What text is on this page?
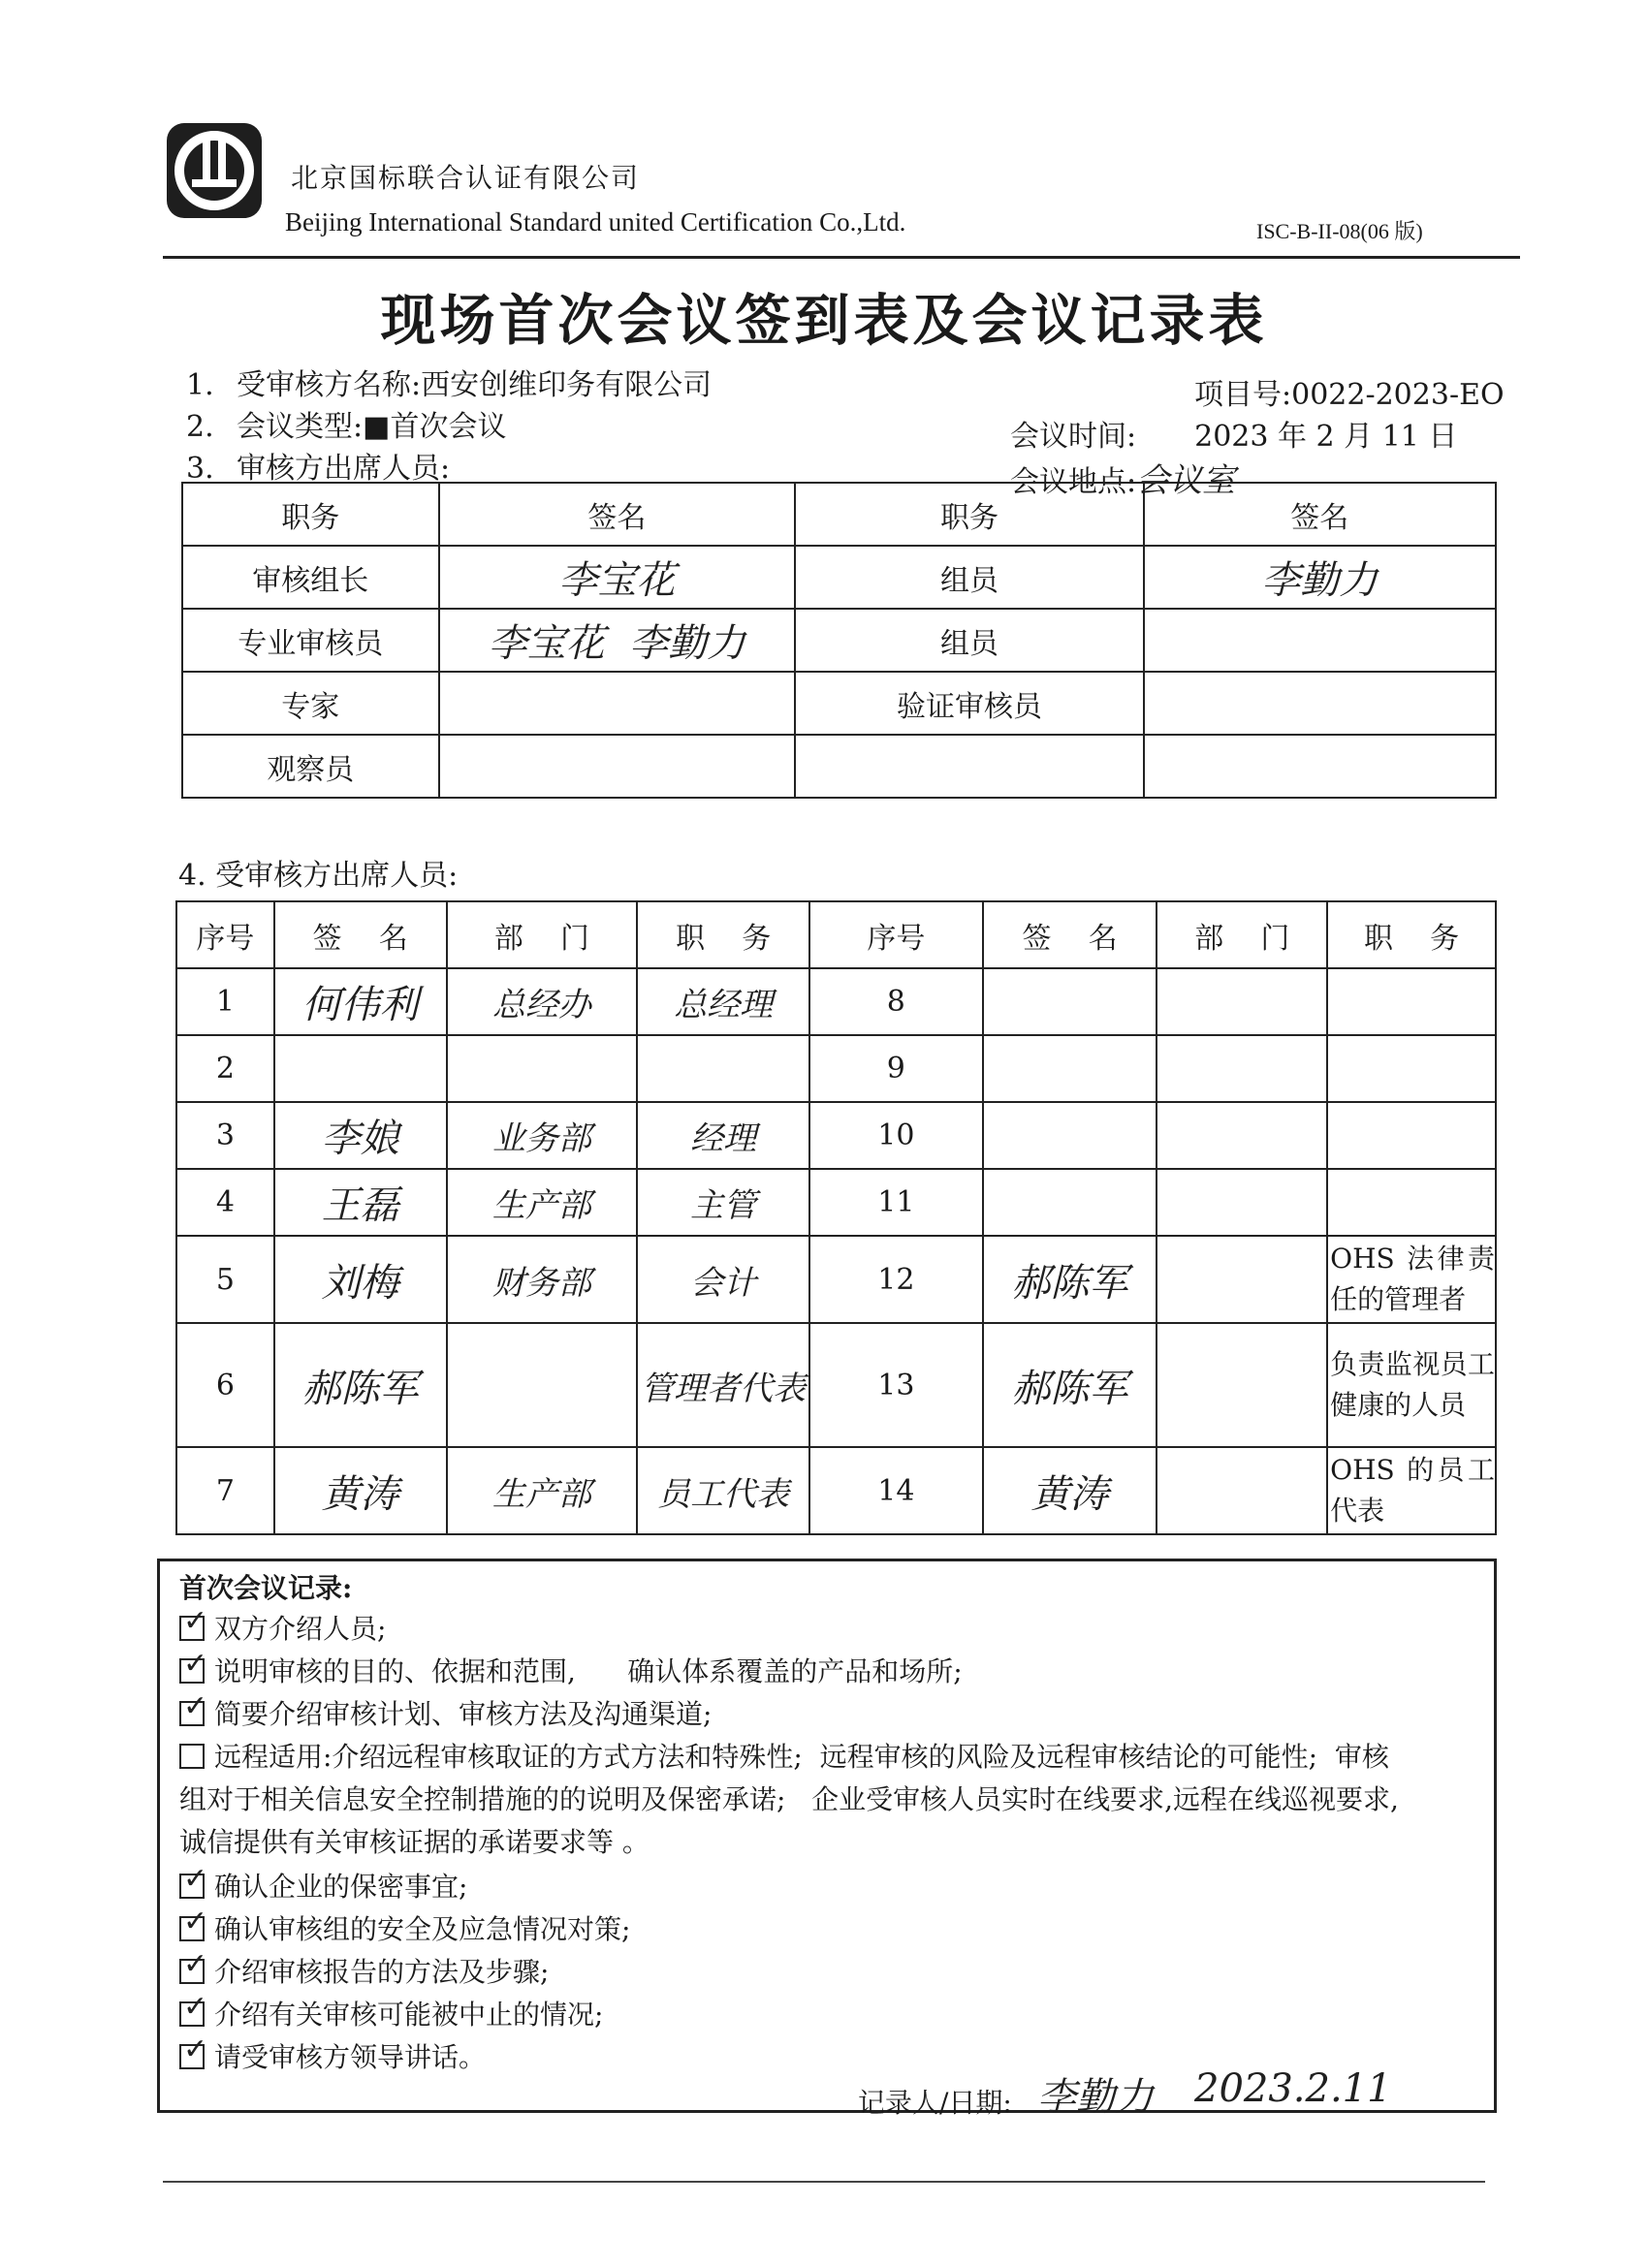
北京国标联合认证有限公司
Beijing International Standard united Certification Co.,Ltd.	ISC-B-II-08(06 版)
现场首次会议签到表及会议记录表
1. 受审核方名称:西安创维印务有限公司
2. 会议类型:■首次会议
3. 审核方出席人员:
项目号:0022-2023-EO
会议时间: 2023 年 2 月 11 日
会议地点:会议室
职务	签名	职务	签名
审核组长	李宝花	组员	李勤力
专业审核员	李宝花  李勤力	组员	
专家		验证审核员	
观察员			
4. 受审核方出席人员:
序号	签    名	部    门	职    务	序号	签    名	部    门	职    务
1	何伟利	总经办	总经理	8			
2				9			
3	李娘	业务部	经理	10			
4	王磊	生产部	主管	11			
5	刘梅	财务部	会计	12	郝陈军		OHS 法律责任的管理者
6	郝陈军		管理者代表	13	郝陈军		负责监视员工健康的人员
7	黄涛	生产部	员工代表	14	黄涛		OHS 的员工代表
首次会议记录:
✓双方介绍人员;
✓说明审核的目的、依据和范围,      确认体系覆盖的产品和场所;
✓简要介绍审核计划、审核方法及沟通渠道;
远程适用:介绍远程审核取证的方式方法和特殊性;  远程审核的风险及远程审核结论的可能性;  审核
组对于相关信息安全控制措施的的说明及保密承诺;   企业受审核人员实时在线要求,远程在线巡视要求,
诚信提供有关审核证据的承诺要求等 。
✓确认企业的保密事宜;
✓确认审核组的安全及应急情况对策;
✓介绍审核报告的方法及步骤;
✓介绍有关审核可能被中止的情况;
✓请受审核方领导讲话。
记录人/日期: 李勤力 2023.2.11
